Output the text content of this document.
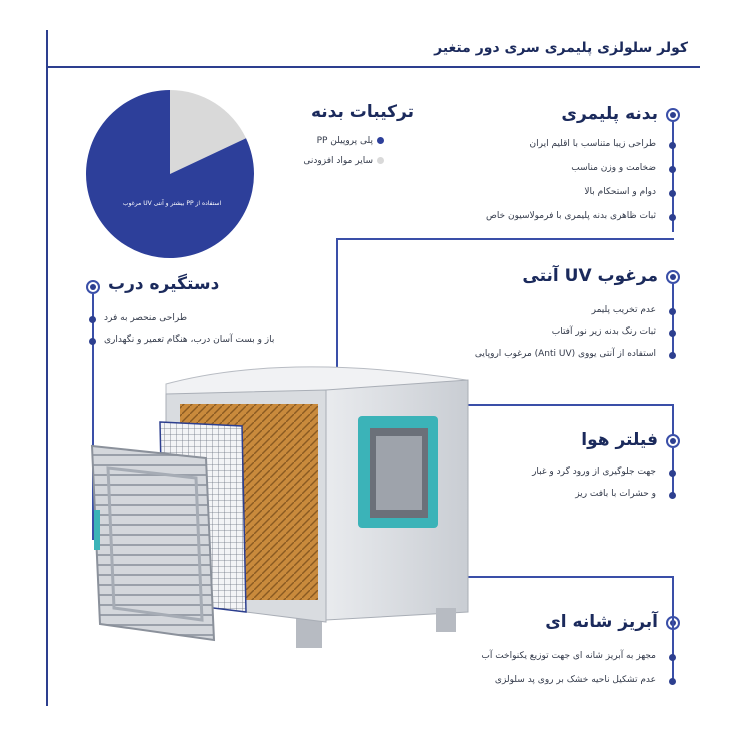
کولر سلولزی پلیمری سری دور متغیر
استفاده از PP بیشتر و آنتی UV مرغوب
ترکیبات بدنه
پلی پروپیلن PP
سایر مواد افزودنی
بدنه پلیمری
طراحی زیبا متناسب با اقلیم ایران
ضخامت و وزن مناسب
دوام و استحکام بالا
ثبات ظاهری بدنه پلیمری با فرمولاسیون خاص
مرغوب UV آنتی
عدم تخریب پلیمر
ثبات رنگ بدنه زیر نور آفتاب
استفاده از آنتی یووی (Anti UV) مرغوب اروپایی
دستگیره درب
طراحی منحصر به فرد
باز و بست آسان درب، هنگام تعمیر و نگهداری
فیلتر هوا
جهت جلوگیری از ورود گرد و غبار
و حشرات با بافت ریز
آبریز شانه ای
مجهز به آبریز شانه ای جهت توزیع یکنواخت آب
عدم تشکیل ناحیه خشک بر روی پد سلولزی
